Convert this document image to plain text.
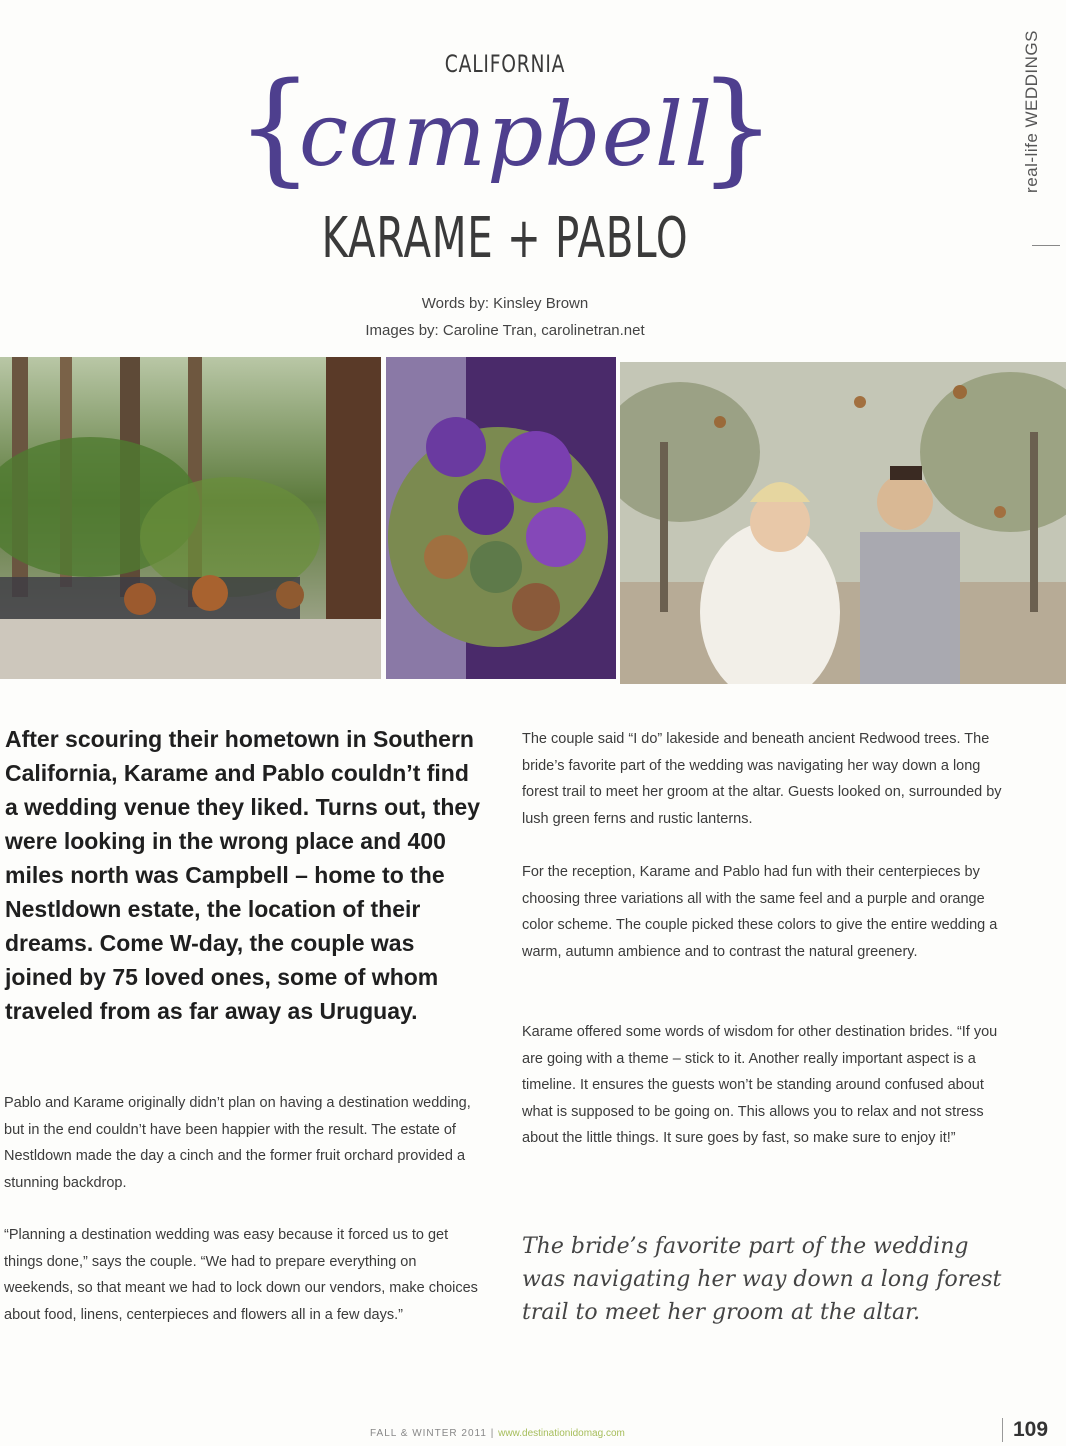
CALIFORNIA
{
campbell
}
KARAME + PABLO
Words by: Kinsley Brown
Images by: Caroline Tran, carolinetran.net
real-life WEDDINGS
After scouring their hometown in Southern California, Karame and Pablo couldn’t find a wedding venue they liked. Turns out, they were looking in the wrong place and 400 miles north was Campbell – home to the Nestldown estate, the location of their dreams. Come W-day, the couple was joined by 75 loved ones, some of whom traveled from as far away as Uruguay.
Pablo and Karame originally didn’t plan on having a destination wedding, but in the end couldn’t have been happier with the result. The estate of Nestldown made the day a cinch and the former fruit orchard provided a stunning backdrop.
“Planning a destination wedding was easy because it forced us to get things done,” says the couple. “We had to prepare everything on weekends, so that meant we had to lock down our vendors, make choices about food, linens, centerpieces and flowers all in a few days.”
The couple said “I do” lakeside and beneath ancient Redwood trees. The bride’s favorite part of the wedding was navigating her way down a long forest trail to meet her groom at the altar. Guests looked on, surrounded by lush green ferns and rustic lanterns.
For the reception, Karame and Pablo had fun with their centerpieces by choosing three variations all with the same feel and a purple and orange color scheme. The couple picked these colors to give the entire wedding a warm, autumn ambience and to contrast the natural greenery.
Karame offered some words of wisdom for other destination brides. “If you are going with a theme – stick to it. Another really important aspect is a timeline. It ensures the guests won’t be standing around confused about what is supposed to be going on. This allows you to relax and not stress about the little things. It sure goes by fast, so make sure to enjoy it!”
The bride’s favorite part of the wedding was navigating her way down a long forest trail to meet her groom at the altar.
FALL & WINTER 2011 | www.destinationidomag.com	109
